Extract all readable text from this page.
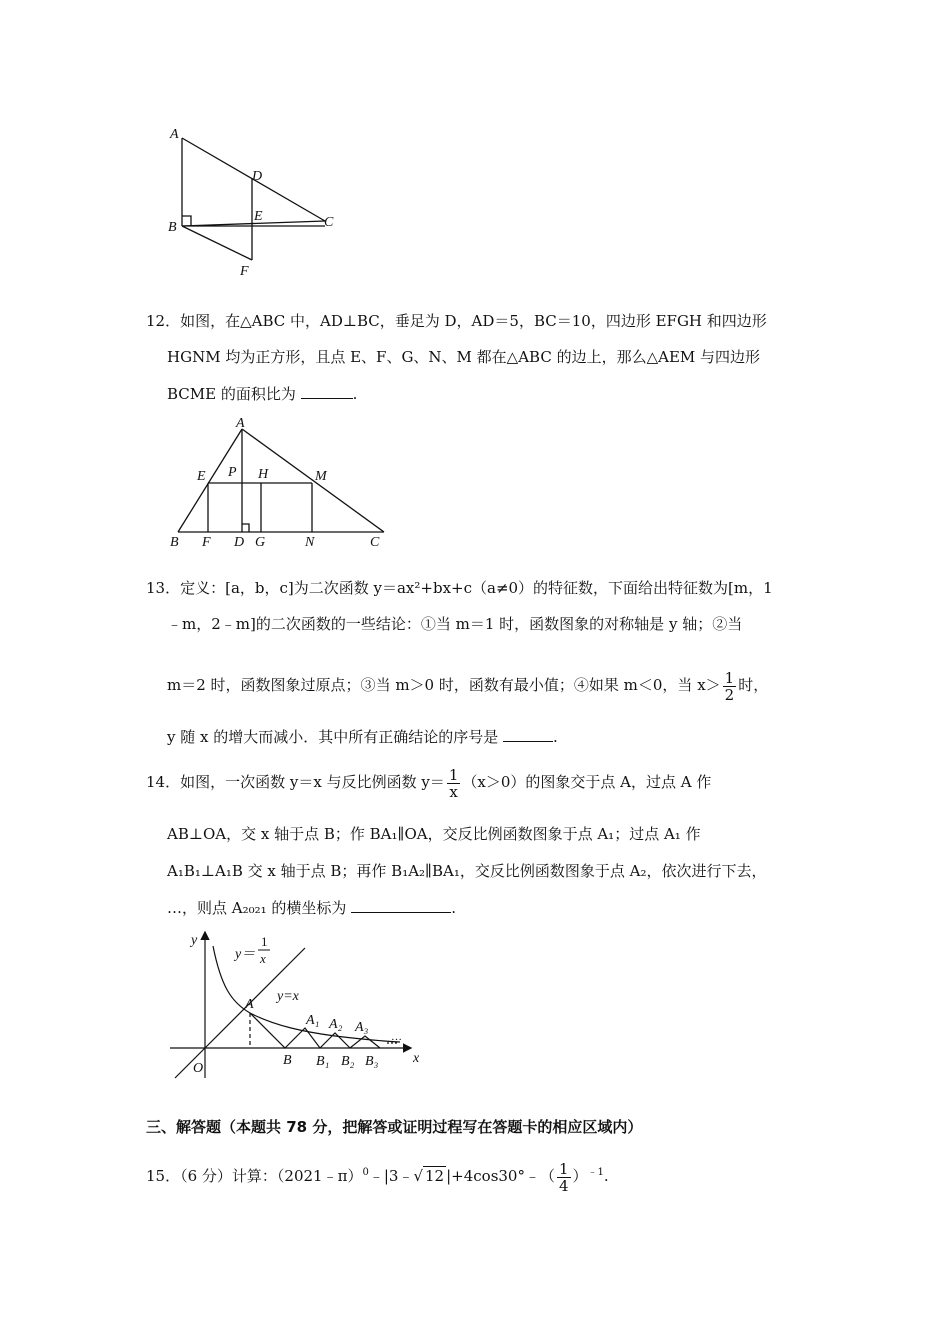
A
B	C
D
E
F
12．如图，在△ABC 中，AD⊥BC，垂足为 D，AD＝5，BC＝10，四边形 EFGH 和四边形
HGNM 均为正方形，且点 E、F、G、N、M 都在△ABC 的边上，那么△AEM 与四边形
BCME 的面积比为	.
A
E P H	M
B F D G	N	C
13．定义：[a，b，c]为二次函数 y＝ax²+bx+c（a≠0）的特征数，下面给出特征数为[m，1
﹣m，2﹣m]的二次函数的一些结论：①当 m＝1 时，函数图象的对称轴是 y 轴；②当
m＝2 时，函数图象过原点；③当 m＞0 时，函数有最小值；④如果 m＜0，当 $x> \frac{1}{2}$ 时，
y 随 x 的增大而减小．其中所有正确结论的序号是	.
14．如图，一次函数 y＝x 与反比例函数 $y= \frac{1}{x} (x>0)$的图象交于点 A，过点 A 作
AB⊥OA，交 x 轴于点 B；作 BA₁∥OA，交反比例函数图象于点 A₁；过点 A₁ 作
A₁B₁⊥A₁B 交 x 轴于点 B；再作 B₁A₂∥BA₁，交反比例函数图象于点 A₂，依次进行下去，
…，则点 A₂₀₂₁ 的横坐标为	.
y
x
O
y＝
1
x
y=x
A
B
A₁ A₂ A₃
B₁ B₂ B₃
…
三、解答题（本题共 78 分，把解答或证明过程写在答题卡的相应区域内）
15．（6 分）计算：（2021﹣π）$^0$﹣|3﹣√ 12 |+4cos30°﹣（ $\frac{1}{4} )^{﹣1}$.
